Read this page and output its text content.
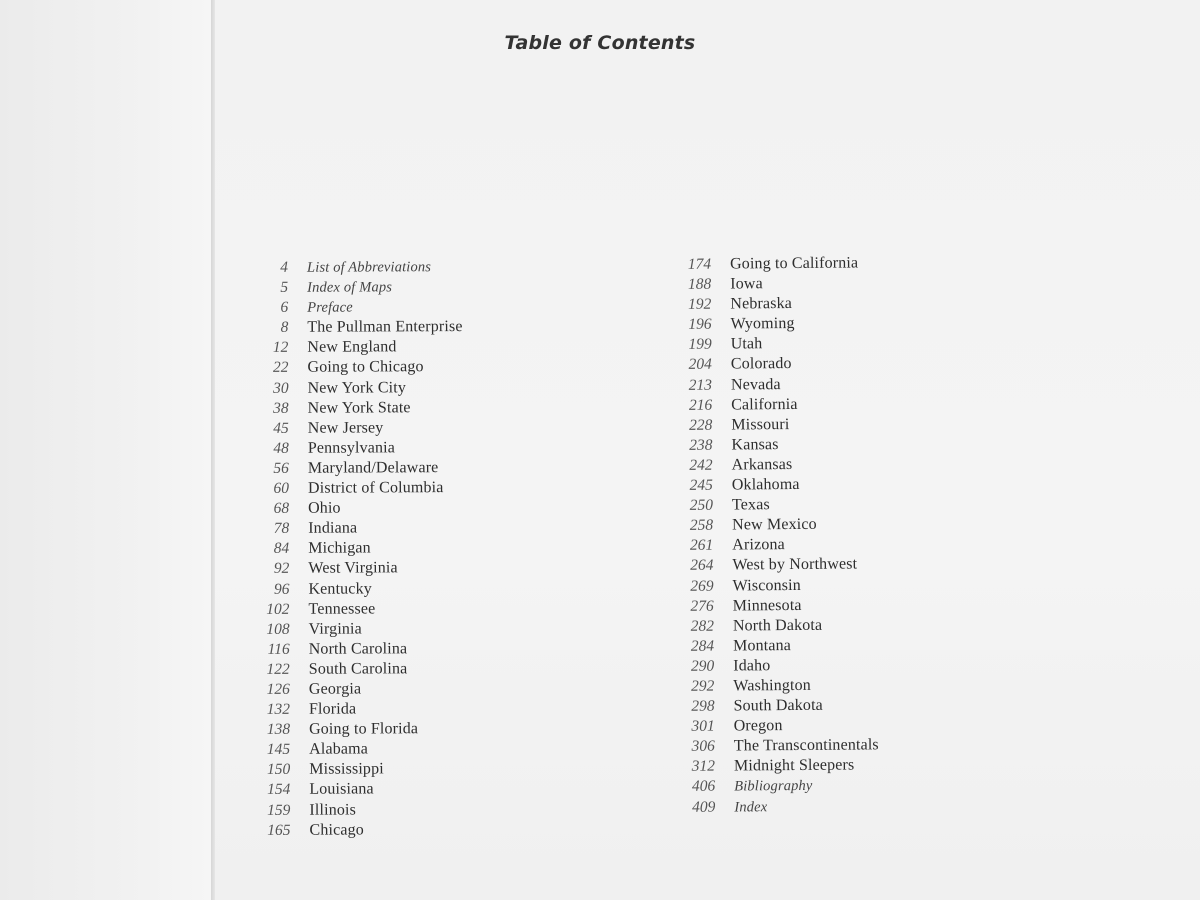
Table of Contents
4 List of Abbreviations
5 Index of Maps
6 Preface
8 The Pullman Enterprise
12 New England
22 Going to Chicago
30 New York City
38 New York State
45 New Jersey
48 Pennsylvania
56 Maryland/Delaware
60 District of Columbia
68 Ohio
78 Indiana
84 Michigan
92 West Virginia
96 Kentucky
102 Tennessee
108 Virginia
116 North Carolina
122 South Carolina
126 Georgia
132 Florida
138 Going to Florida
145 Alabama
150 Mississippi
154 Louisiana
159 Illinois
165 Chicago
174 Going to California
188 Iowa
192 Nebraska
196 Wyoming
199 Utah
204 Colorado
213 Nevada
216 California
228 Missouri
238 Kansas
242 Arkansas
245 Oklahoma
250 Texas
258 New Mexico
261 Arizona
264 West by Northwest
269 Wisconsin
276 Minnesota
282 North Dakota
284 Montana
290 Idaho
292 Washington
298 South Dakota
301 Oregon
306 The Transcontinentals
312 Midnight Sleepers
406 Bibliography
409 Index
